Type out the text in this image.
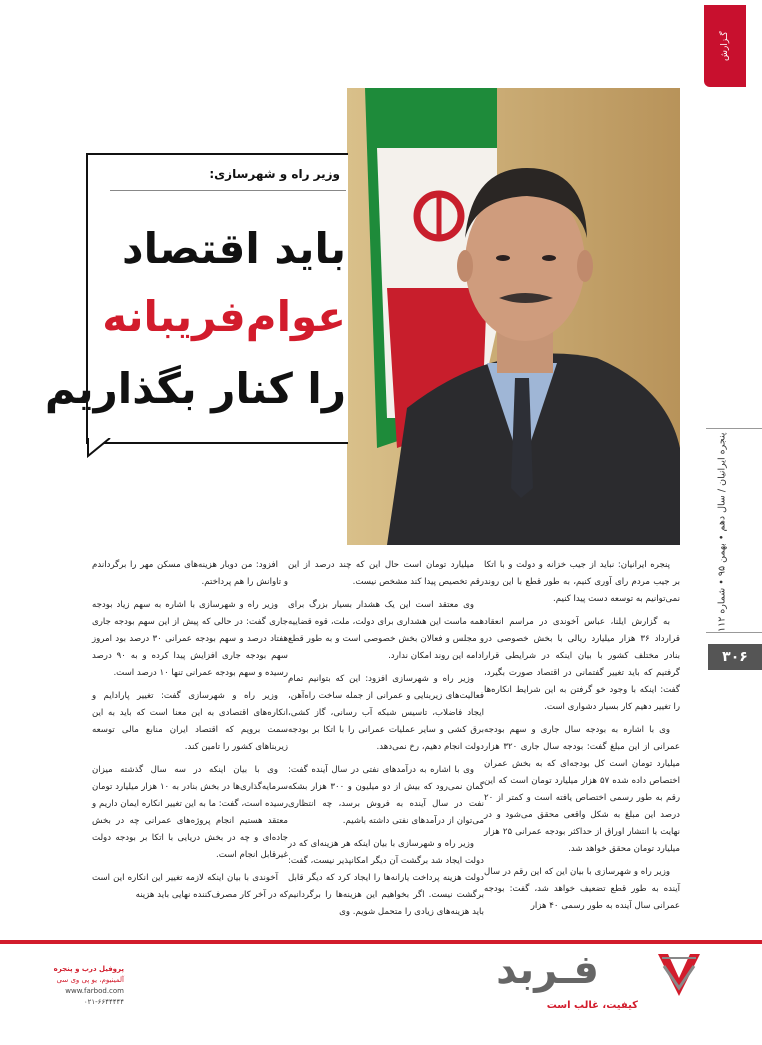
گـزارش
پنجره ایرانیان / سال دهم • بهمن ۹۵ • شماره ۱۱۲
۳۰۶
وزیر راه و شهرسازی:
باید اقتصاد
عوام‌فریبانه
را کنار بگذاریم

پنجره ایرانیان: نباید از جیب خزانه و دولت و با اتکا بر جیب مردم رای آوری کنیم، به طور قطع با این روند نمی‌توانیم به توسعه دست پیدا کنیم.

به گزارش ایلنا، عباس آخوندی در مراسم انعقاد قرارداد ۳۶ هزار میلیارد ریالی با بخش خصوصی در بنادر مختلف کشور با بیان اینکه در شرایطی قرار گرفتیم که باید تغییر گفتمانی در اقتصاد صورت بگیرد، گفت: اینکه با وجود خو گرفتن به این شرایط انکاره‌ها را تغییر دهیم کار بسیار دشواری است.

وی با اشاره به بودجه سال جاری و سهم بودجه عمرانی از این مبلغ گفت: بودجه سال جاری ۳۲۰ هزار میلیارد تومان است کل بودجه‌ای که به بخش عمران اختصاص داده شده ۵۷ هزار میلیارد تومان است که این رقم به طور رسمی اختصاص یافته است و کمتر از ۲۰ درصد این مبلغ به شکل واقعی محقق می‌شود و در نهایت با انتشار اوراق از حداکثر بودجه عمرانی ۲۵ هزار میلیارد تومان محقق خواهد شد.

وزیر راه و شهرسازی با بیان این که این رقم در سال آینده به طور قطع تضعیف خواهد شد، گفت: بودجه عمرانی سال آینده به طور رسمی ۴۰ هزار

میلیارد تومان است حال این که چند درصد از این رقم تخصیص پیدا کند مشخص نیست.

وی معتقد است این یک هشدار بسیار بزرگ برای همه ماست این هشداری برای دولت، ملت، قوه قضاییه و مجلس و فعالان بخش خصوصی است و به طور قطع ادامه این روند امکان ندارد.

وزیر راه و شهرسازی افزود: این که بتوانیم تمام فعالیت‌های زیربنایی و عمرانی از جمله ساخت راه‌آهن، ایجاد فاضلاب، تاسیس شبکه آب رسانی، گاز کشی، برق کشی و سایر عملیات عمرانی را با اتکا بر بودجه دولت انجام دهیم، رخ نمی‌دهد.

وی با اشاره به درآمدهای نفتی در سال آینده گفت: گمان نمی‌رود که بیش از دو میلیون و ۳۰۰ هزار بشکه نفت در سال آینده به فروش برسد، چه انتظاری می‌توان از درآمدهای نفتی داشته باشیم.

وزیر راه و شهرسازی با بیان اینکه هر هزینه‌ای که در دولت ایجاد شد برگشت آن دیگر امکانپذیر نیست، گفت: دولت هزینه پرداخت یارانه‌ها را ایجاد کرد که دیگر قابل برگشت نیست. اگر بخواهیم این هزینه‌ها را برگردانیم باید هزینه‌های زیادی را متحمل شویم. وی

افزود: من دوبار هزینه‌های مسکن مهر را برگرداندم و تاوانش را هم پرداختم.

وزیر راه و شهرسازی با اشاره به سهم زیاد بودجه جاری گفت: در حالی که پیش از این سهم بودجه جاری هفتاد درصد و سهم بودجه عمرانی ۳۰ درصد بود امروز سهم بودجه جاری افزایش پیدا کرده و به ۹۰ درصد رسیده و سهم بودجه عمرانی تنها ۱۰ درصد است.

وزیر راه و شهرسازی گفت: تغییر پارادایم و انکاره‌های اقتصادی به این معنا است که باید به این سمت برویم که اقتصاد ایران منابع مالی توسعه زیربناهای کشور را تامین کند.

وی با بیان اینکه در سه سال گذشته میزان سرمایه‌گذاری‌ها در بخش بنادر به ۱۰ هزار میلیارد تومان رسیده است، گفت: ما به این تغییر انکاره ایمان داریم و معتقد هستیم انجام پروژه‌های عمرانی چه در بخش جاده‌ای و چه در بخش دریایی با اتکا بر بودجه دولت غیرقابل انجام است.

آخوندی با بیان اینکه لازمه تغییر این انکاره این است که در آخر کار مصرف‌کننده نهایی باید هزینه

فـربد
کیفیت، غالب است
پروفیل درب و پنجره
آلمینیوم، یو پی وی سی
www.farbod.com
۰۲۱-۶۶۴۴۴۴۴
